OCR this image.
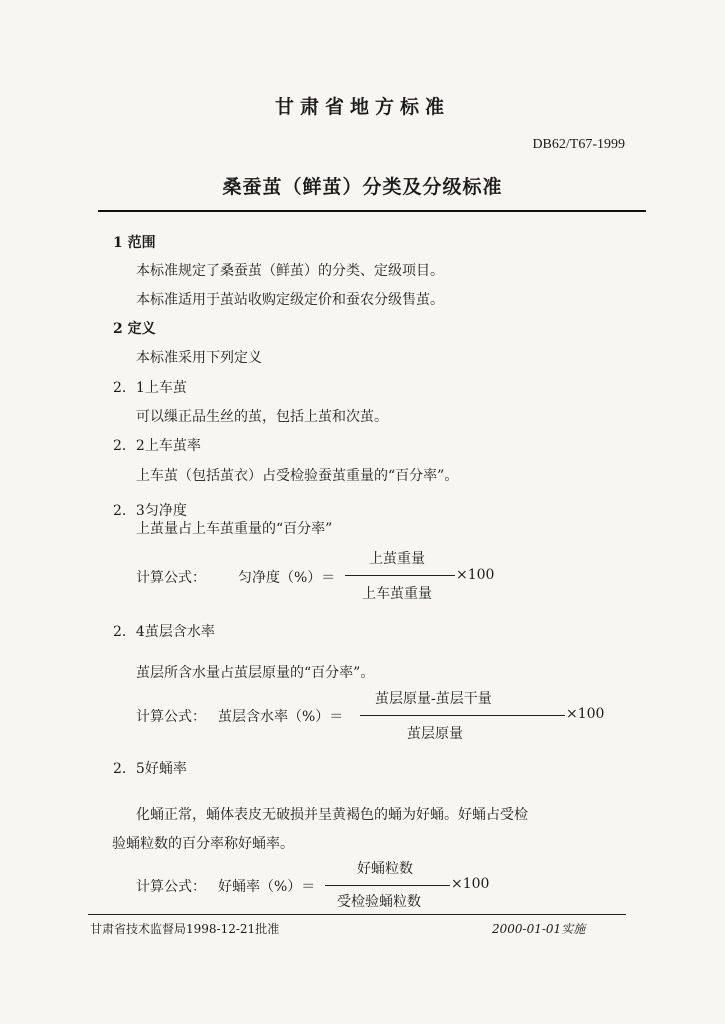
甘肃省地方标准
DB62/T67-1999
桑蚕茧（鲜茧）分类及分级标准
1 范围
本标准规定了桑蚕茧（鲜茧）的分类、定级项目。
本标准适用于茧站收购定级定价和蚕农分级售茧。
2 定义
本标准采用下列定义
2．1上车茧
可以缫正品生丝的茧，包括上茧和次茧。
2．2上车茧率
上车茧（包括茧衣）占受检验蚕茧重量的“百分率”。
2．3匀净度
上茧量占上车茧重量的“百分率”
计算公式： 匀净度（%）＝
上茧重量
上车茧重量
×100
2．4茧层含水率
茧层所含水量占茧层原量的“百分率”。
计算公式： 茧层含水率（%）＝
茧层原量-茧层干量
茧层原量
×100
2．5好蛹率
化蛹正常，蛹体表皮无破损并呈黄褐色的蛹为好蛹。好蛹占受检
验蛹粒数的百分率称好蛹率。
计算公式： 好蛹率（%）＝
好蛹粒数
受检验蛹粒数
×100
甘肃省技术监督局1998-12-21批准	2000-01-01实施
